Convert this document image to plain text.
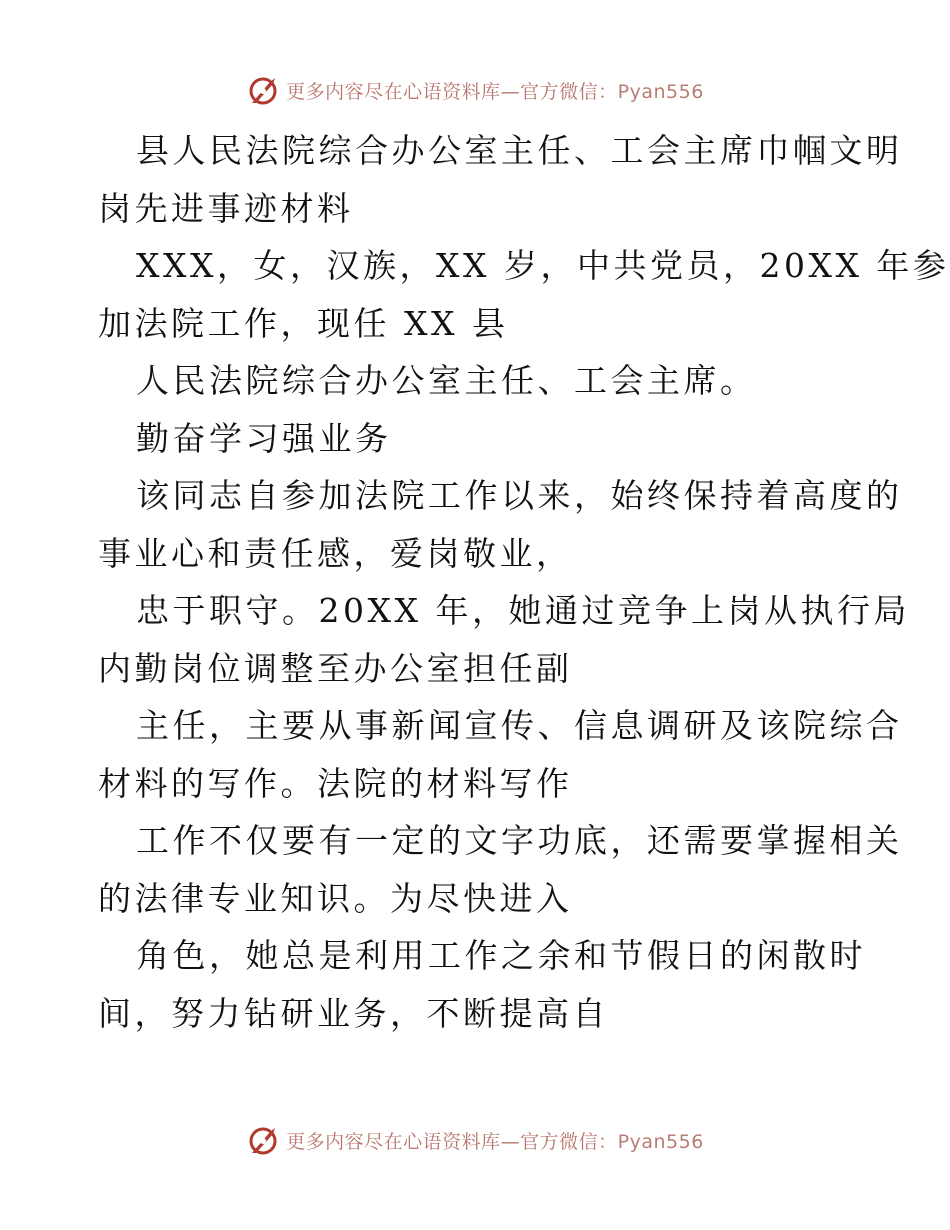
更多内容尽在心语资料库—官方微信：Pyan556
县人民法院综合办公室主任、工会主席巾帼文明
岗先进事迹材料
XXX，女，汉族，XX 岁，中共党员，20XX 年参
加法院工作，现任 XX 县
人民法院综合办公室主任、工会主席。
勤奋学习强业务
该同志自参加法院工作以来，始终保持着高度的
事业心和责任感，爱岗敬业，
忠于职守。20XX 年，她通过竞争上岗从执行局
内勤岗位调整至办公室担任副
主任，主要从事新闻宣传、信息调研及该院综合
材料的写作。法院的材料写作
工作不仅要有一定的文字功底，还需要掌握相关
的法律专业知识。为尽快进入
角色，她总是利用工作之余和节假日的闲散时
间，努力钻研业务，不断提高自
更多内容尽在心语资料库—官方微信：Pyan556
